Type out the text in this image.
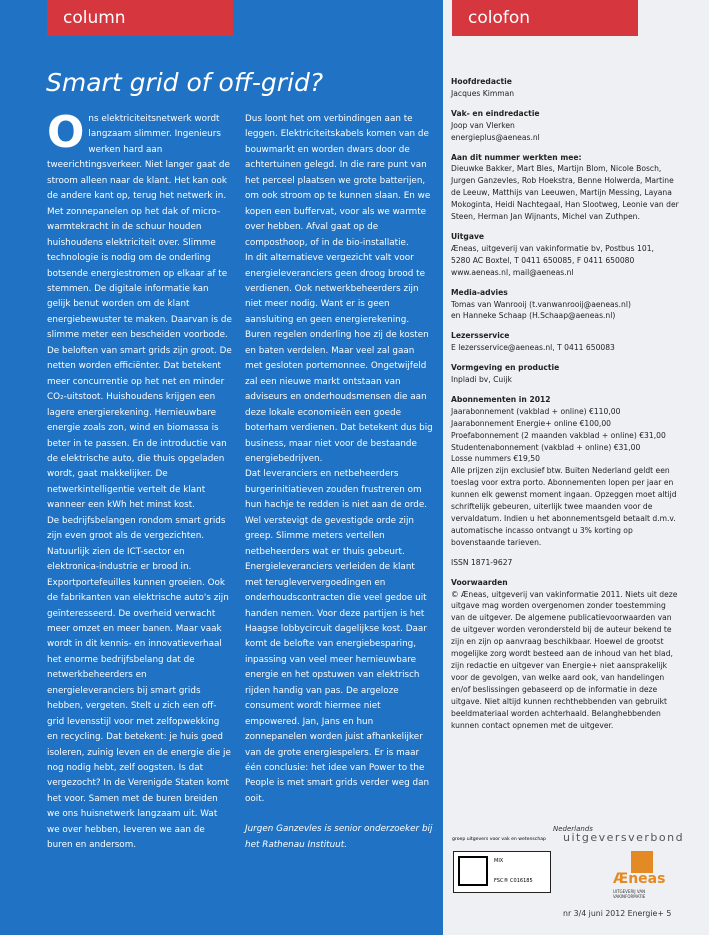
column	colofon
Smart grid of off-grid?

Ons elektriciteitsnetwerk wordt langzaam slimmer. Ingenieurs werken hard aan tweerichtingsverkeer. Niet langer gaat de stroom alleen naar de klant. Het kan ook de andere kant op, terug het netwerk in. Met zonnepanelen op het dak of micro-warmtekracht in de schuur houden huishoudens elektriciteit over. Slimme technologie is nodig om de onderling botsende energiestromen op elkaar af te stemmen. De digitale informatie kan gelijk benut worden om de klant energiebewuster te maken. Daarvan is de slimme meter een bescheiden voorbode.

De beloften van smart grids zijn groot. De netten worden efficiënter. Dat betekent meer concurrentie op het net en minder CO₂-uitstoot. Huishoudens krijgen een lagere energierekening. Hernieuwbare energie zoals zon, wind en biomassa is beter in te passen. En de introductie van de elektrische auto, die thuis opgeladen wordt, gaat makkelijker. De netwerkintelligentie vertelt de klant wanneer een kWh het minst kost.

De bedrijfsbelangen rondom smart grids zijn even groot als de vergezichten. Natuurlijk zien de ICT-sector en elektronica-industrie er brood in. Exportportefeuilles kunnen groeien. Ook de fabrikanten van elektrische auto's zijn geïnteresseerd. De overheid verwacht meer omzet en meer banen. Maar vaak wordt in dit kennis- en innovatieverhaal het enorme bedrijfsbelang dat de netwerkbeheerders en energieleveranciers bij smart grids hebben, vergeten. Stelt u zich een off-grid levensstijl voor met zelfopwekking en recycling. Dat betekent: je huis goed isoleren, zuinig leven en de energie die je nog nodig hebt, zelf oogsten. Is dat vergezocht? In de Verenigde Staten komt het voor. Samen met de buren breiden we ons huisnetwerk langzaam uit. Wat we over hebben, leveren we aan de buren en andersom.

Dus loont het om verbindingen aan te leggen. Elektriciteitskabels komen van de bouwmarkt en worden dwars door de achtertuinen gelegd. In die rare punt van het perceel plaatsen we grote batterijen, om ook stroom op te kunnen slaan. En we kopen een buffervat, voor als we warmte over hebben. Afval gaat op de composthoop, of in de bio-installatie.

In dit alternatieve vergezicht valt voor energieleveranciers geen droog brood te verdienen. Ook netwerkbeheerders zijn niet meer nodig. Want er is geen aansluiting en geen energierekening. Buren regelen onderling hoe zij de kosten en baten verdelen. Maar veel zal gaan met gesloten portemonnee. Ongetwijfeld zal een nieuwe markt ontstaan van adviseurs en onderhoudsmensen die aan deze lokale economieën een goede boterham verdienen. Dat betekent dus big business, maar niet voor de bestaande energiebedrijven.

Dat leveranciers en netbeheerders burgerinitiatieven zouden frustreren om hun hachje te redden is niet aan de orde. Wel verstevigt de gevestigde orde zijn greep. Slimme meters vertellen netbeheerders wat er thuis gebeurt. Energieleveranciers verleiden de klant met terugleververgoedingen en onderhoudscontracten die veel gedoe uit handen nemen. Voor deze partijen is het Haagse lobbycircuit dagelijkse kost. Daar komt de belofte van energiebesparing, inpassing van veel meer hernieuwbare energie en het opstuwen van elektrisch rijden handig van pas. De argeloze consument wordt hiermee niet empowered. Jan, Jans en hun zonnepanelen worden juist afhankelijker van de grote energiespelers. Er is maar één conclusie: het idee van Power to the People is met smart grids verder weg dan ooit.

Jurgen Ganzevles is senior onderzoeker bij het Rathenau Instituut.

Hoofdredactie
Jacques Kimman
Vak- en eindredactie
Joop van Vlerken
energieplus@aeneas.nl
Aan dit nummer werkten mee:
Dieuwke Bakker, Mart Bles, Martijn Blom, Nicole Bosch, Jurgen Ganzevles, Rob Hoekstra, Benne Holwerda, Martine de Leeuw, Matthijs van Leeuwen, Martijn Messing, Layana Mokoginta, Heidi Nachtegaal, Han Slootweg, Leonie van der Steen, Herman Jan Wijnants, Michel van Zuthpen.
Uitgave
Æneas, uitgeverij van vakinformatie bv, Postbus 101,
5280 AC Boxtel, T 0411 650085, F 0411 650080
www.aeneas.nl, mail@aeneas.nl
Media-advies
Tomas van Wanrooij (t.vanwanrooij@aeneas.nl)
en Hanneke Schaap (H.Schaap@aeneas.nl)
Lezersservice
E lezersservice@aeneas.nl, T 0411 650083
Vormgeving en productie
Inpladi bv, Cuijk
Abonnementen in 2012
Jaarabonnement (vakblad + online) €110,00
Jaarabonnement Energie+ online €100,00
Proefabonnement (2 maanden vakblad + online) €31,00
Studentenabonnement (vakblad + online) €31,00
Losse nummers €19,50
Alle prijzen zijn exclusief btw. Buiten Nederland geldt een toeslag voor extra porto. Abonnementen lopen per jaar en kunnen elk gewenst moment ingaan. Opzeggen moet altijd schriftelijk gebeuren, uiterlijk twee maanden voor de vervaldatum. Indien u het abonnementsgeld betaalt d.m.v. automatische incasso ontvangt u 3% korting op bovenstaande tarieven.
ISSN 1871-9627
Voorwaarden
© Æneas, uitgeverij van vakinformatie 2011. Niets uit deze uitgave mag worden overgenomen zonder toestemming van de uitgever. De algemene publicatievoorwaarden van de uitgever worden verondersteld bij de auteur bekend te zijn en zijn op aanvraag beschikbaar. Hoewel de grootst mogelijke zorg wordt besteed aan de inhoud van het blad, zijn redactie en uitgever van Energie+ niet aansprakelijk voor de gevolgen, van welke aard ook, van handelingen en/of beslissingen gebaseerd op de informatie in deze uitgave. Niet altijd kunnen rechthebbenden van gebruikt beeldmateriaal worden achterhaald. Belanghebbenden kunnen contact opnemen met de uitgever.
Nederlands
groep uitgevers voor vak en wetenschap uitgeversverbond
MIX
FSC® C016185	Æneas
UITGEVERIJ VAN VAKINFORMATIE
nr 3/4 juni 2012 Energie+ 5
